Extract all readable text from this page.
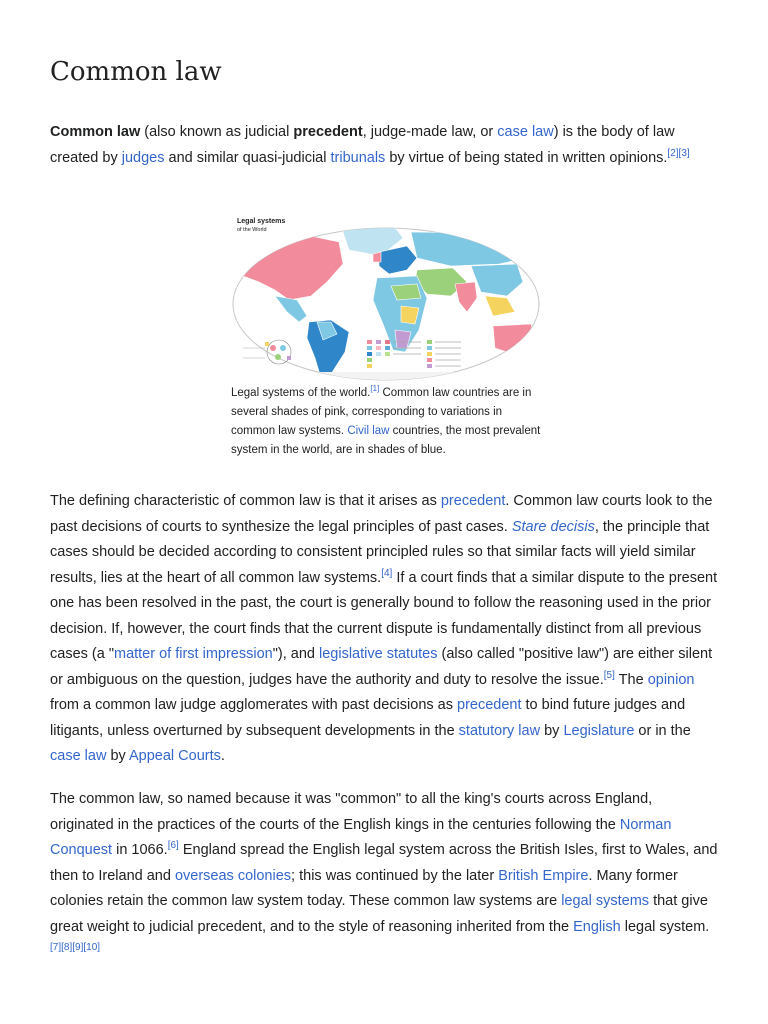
Common law

Common law (also known as judicial precedent, judge-made law, or case law) is the body of law created by judges and similar quasi-judicial tribunals by virtue of being stated in written opinions.[2][3]

Legal systems
of the World
Legal systems of the world.[1] Common law countries are in several shades of pink, corresponding to variations in common law systems. Civil law countries, the most prevalent system in the world, are in shades of blue.

The defining characteristic of common law is that it arises as precedent. Common law courts look to the past decisions of courts to synthesize the legal principles of past cases. Stare decisis, the principle that cases should be decided according to consistent principled rules so that similar facts will yield similar results, lies at the heart of all common law systems.[4] If a court finds that a similar dispute to the present one has been resolved in the past, the court is generally bound to follow the reasoning used in the prior decision. If, however, the court finds that the current dispute is fundamentally distinct from all previous cases (a "matter of first impression"), and legislative statutes (also called "positive law") are either silent or ambiguous on the question, judges have the authority and duty to resolve the issue.[5] The opinion from a common law judge agglomerates with past decisions as precedent to bind future judges and litigants, unless overturned by subsequent developments in the statutory law by Legislature or in the case law by Appeal Courts.

The common law, so named because it was "common" to all the king's courts across England, originated in the practices of the courts of the English kings in the centuries following the Norman Conquest in 1066.[6] England spread the English legal system across the British Isles, first to Wales, and then to Ireland and overseas colonies; this was continued by the later British Empire. Many former colonies retain the common law system today. These common law systems are legal systems that give great weight to judicial precedent, and to the style of reasoning inherited from the English legal system.[7][8][9][10]
